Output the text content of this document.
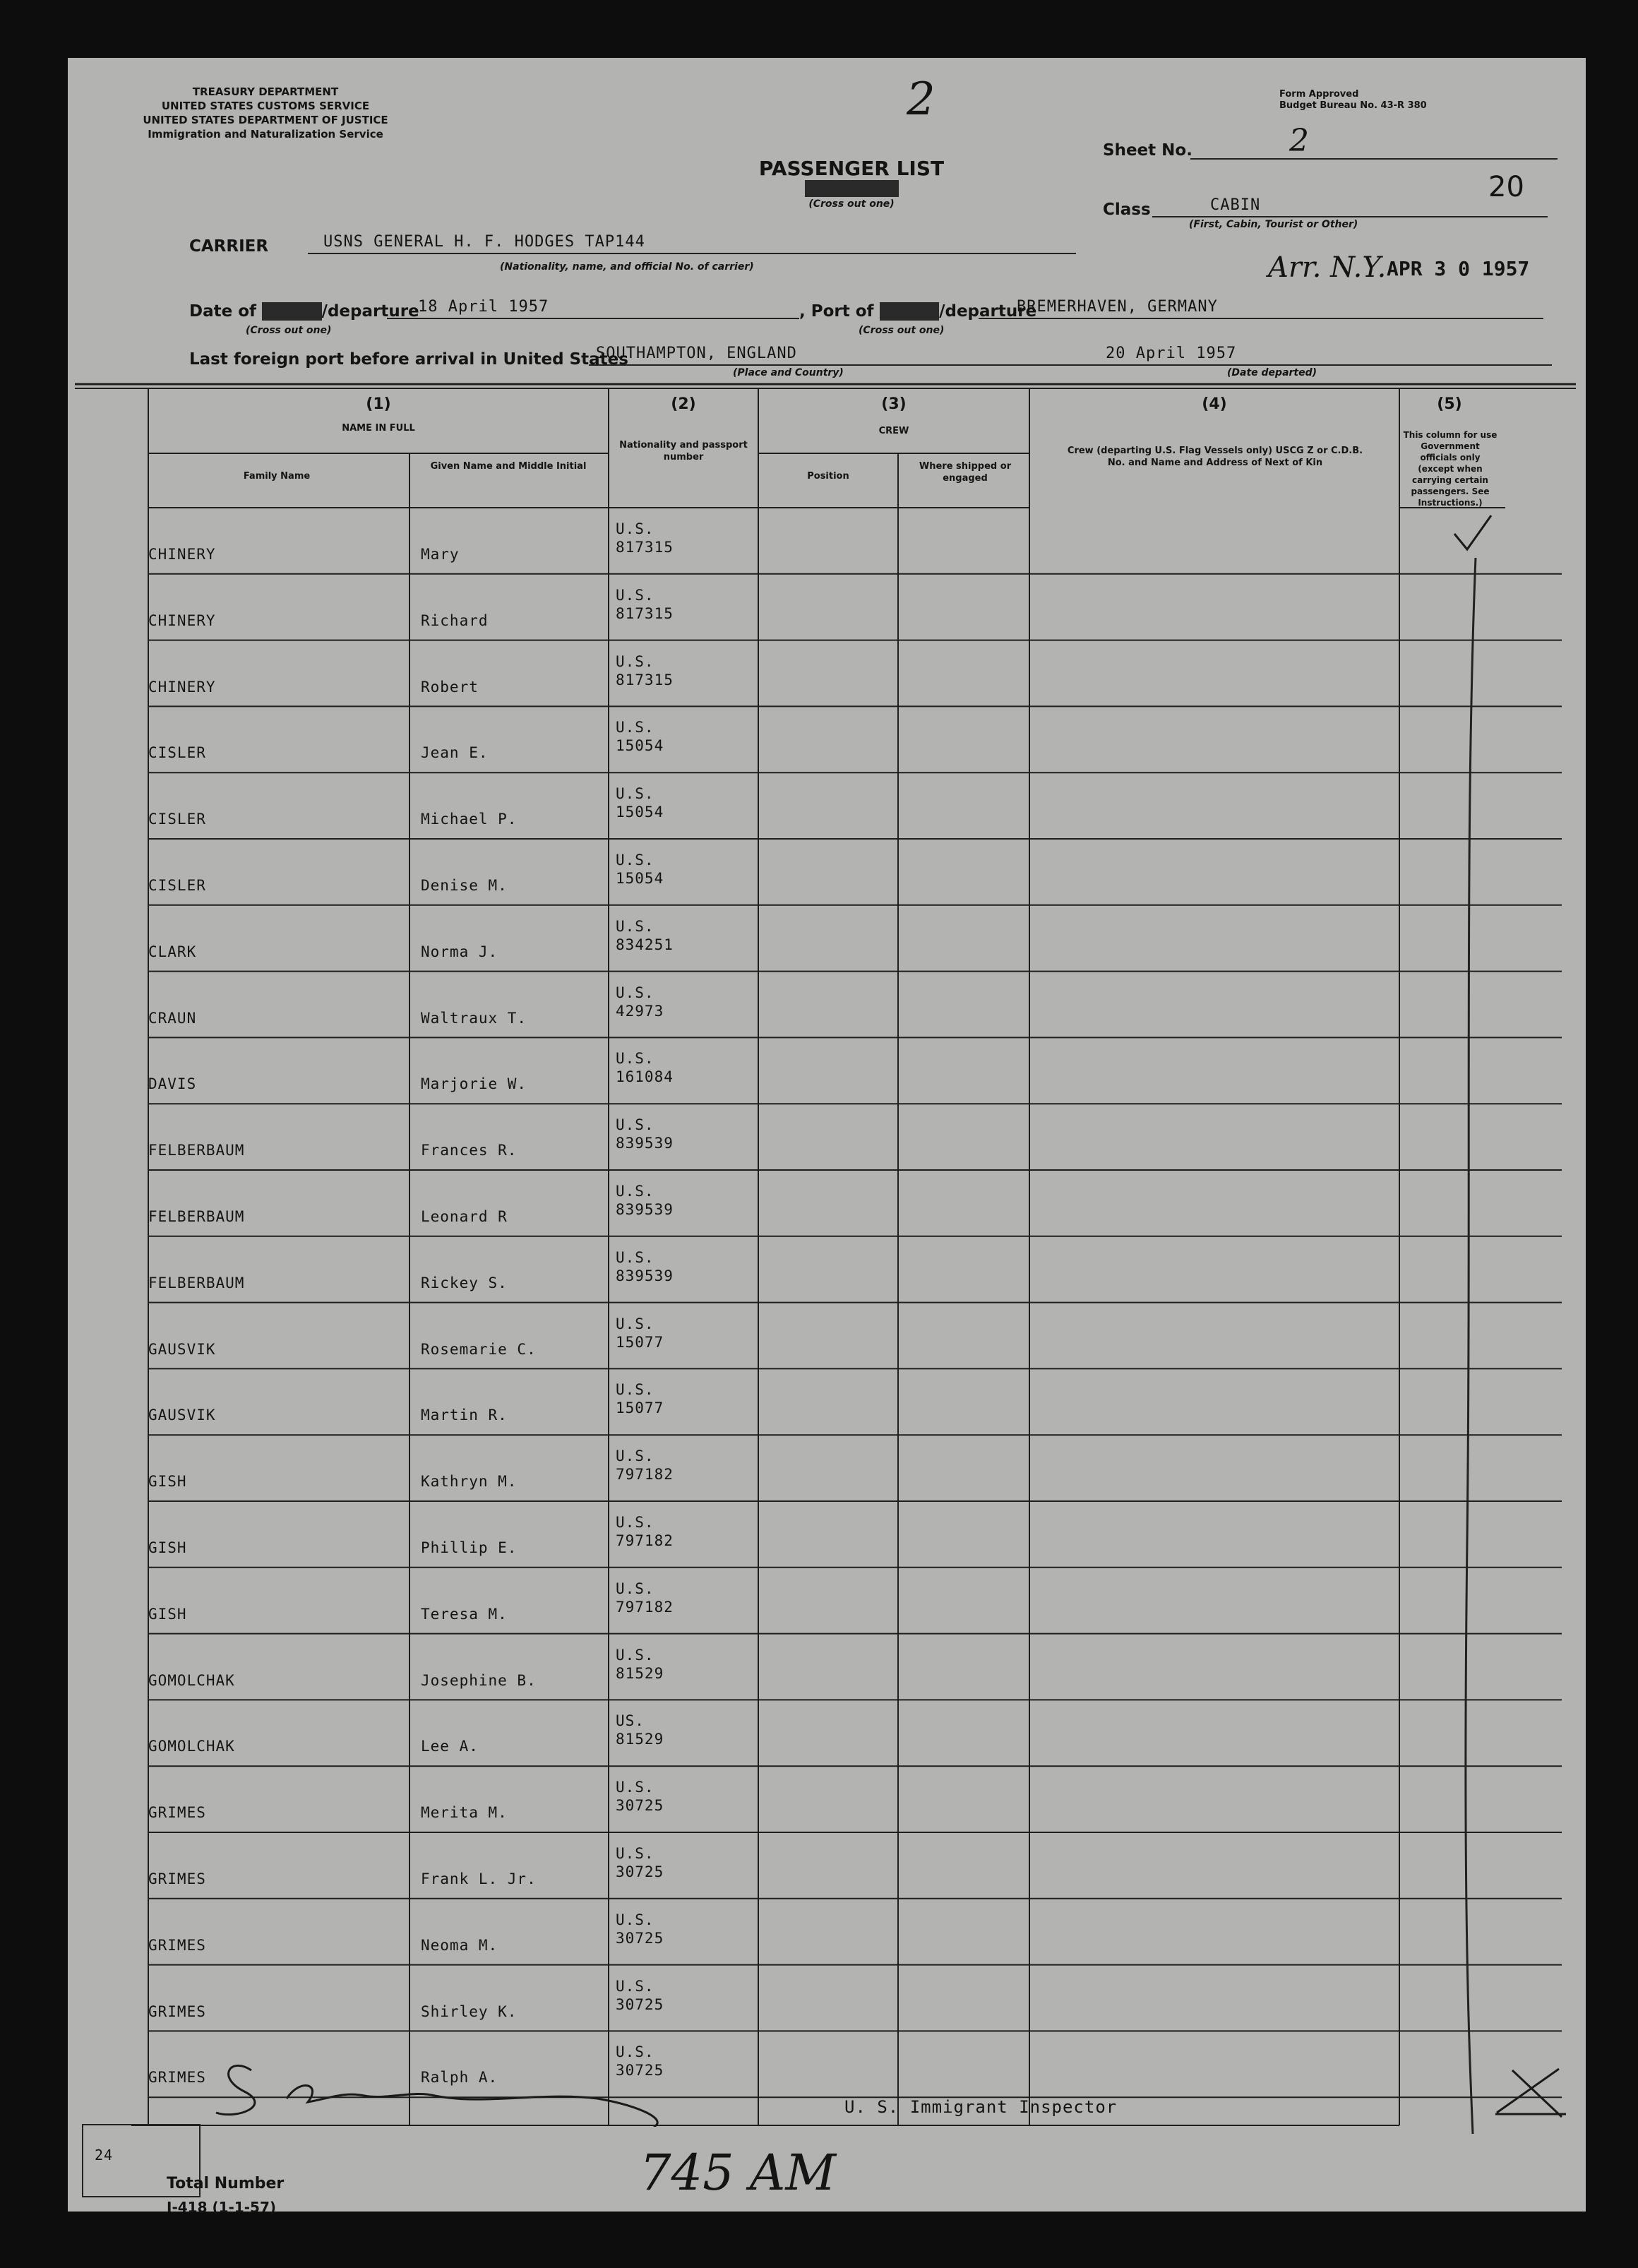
TREASURY DEPARTMENT
UNITED STATES CUSTOMS SERVICE
UNITED STATES DEPARTMENT OF JUSTICE
Immigration and Naturalization Service
2	Form Approved
Budget Bureau No. 43-R 380
PASSENGER LIST
CREW LIST
(Cross out one)
Sheet No.	2
20
Class	CABIN
(First, Cabin, Tourist or Other)
CARRIER	USNS GENERAL H. F. HODGES TAP144
(Nationality, name, and official No. of carrier)	Arr. N.Y. APR 3 0 1957
Date of arrival/departure
18 April 1957
(Cross out one)
, Port of arrival/departure
BREMERHAVEN, GERMANY
(Cross out one)
Last foreign port before arrival in United States
SOUTHAMPTON, ENGLAND
(Place and Country)
20 April 1957
(Date departed)
(1)
NAME IN FULL
Family Name
Given Name and Middle Initial
(2)
Nationality and passport number
(3)
CREW
Position
Where shipped or engaged
(4)
Crew (departing U.S. Flag Vessels only) USCG Z or C.D.B. No. and Name and Address of Next of Kin
(5)
This column for use Government officials only (except when carrying certain passengers. See Instructions.)
CHINERY	Mary
U.S.
817315
CHINERY	Richard
U.S.
817315
CHINERY	Robert
U.S.
817315
CISLER	Jean E.
U.S.
15054
CISLER	Michael P.
U.S.
15054
CISLER	Denise M.
U.S.
15054
CLARK	Norma J.
U.S.
834251
CRAUN	Waltraux T.
U.S.
42973
DAVIS	Marjorie W.
U.S.
161084
FELBERBAUM	Frances R.
U.S.
839539
FELBERBAUM	Leonard R
U.S.
839539
FELBERBAUM	Rickey S.
U.S.
839539
GAUSVIK	Rosemarie C.
U.S.
15077
GAUSVIK	Martin R.
U.S.
15077
GISH	Kathryn M.
U.S.
797182
GISH	Phillip E.
U.S.
797182
GISH	Teresa M.
U.S.
797182
GOMOLCHAK	Josephine B.
U.S.
81529
GOMOLCHAK	Lee A.
US.
81529
GRIMES	Merita M.
U.S.
30725
GRIMES	Frank L. Jr.
U.S.
30725
GRIMES	Neoma M.
U.S.
30725
GRIMES	Shirley K.
U.S.
30725
GRIMES	Ralph A.
U.S.
30725
U. S. Immigrant Inspector
745 AM
24
Total Number
I-418 (1-1-57)
